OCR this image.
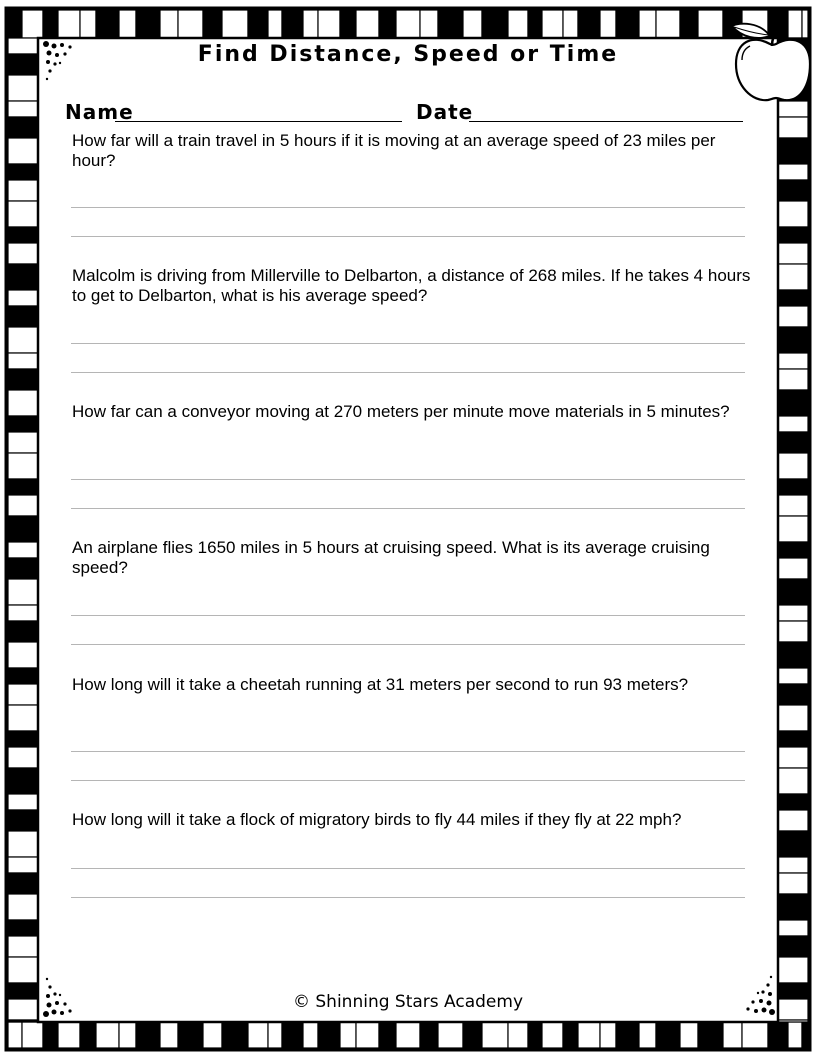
Find Distance, Speed or Time
Name	Date
How far will a train travel in 5 hours if it is moving at an average speed of 23 miles per hour?
Malcolm is driving from Millerville to Delbarton, a distance of 268 miles. If he takes 4 hours to get to Delbarton, what is his average speed?
How far can a conveyor moving at 270 meters per minute move materials in 5 minutes?
An airplane flies 1650 miles in 5 hours at cruising speed. What is its average cruising speed?
How long will it take a cheetah running at 31 meters per second to run 93 meters?
How long will it take a flock of migratory birds to fly 44 miles if they fly at 22 mph?
© Shinning Stars Academy
